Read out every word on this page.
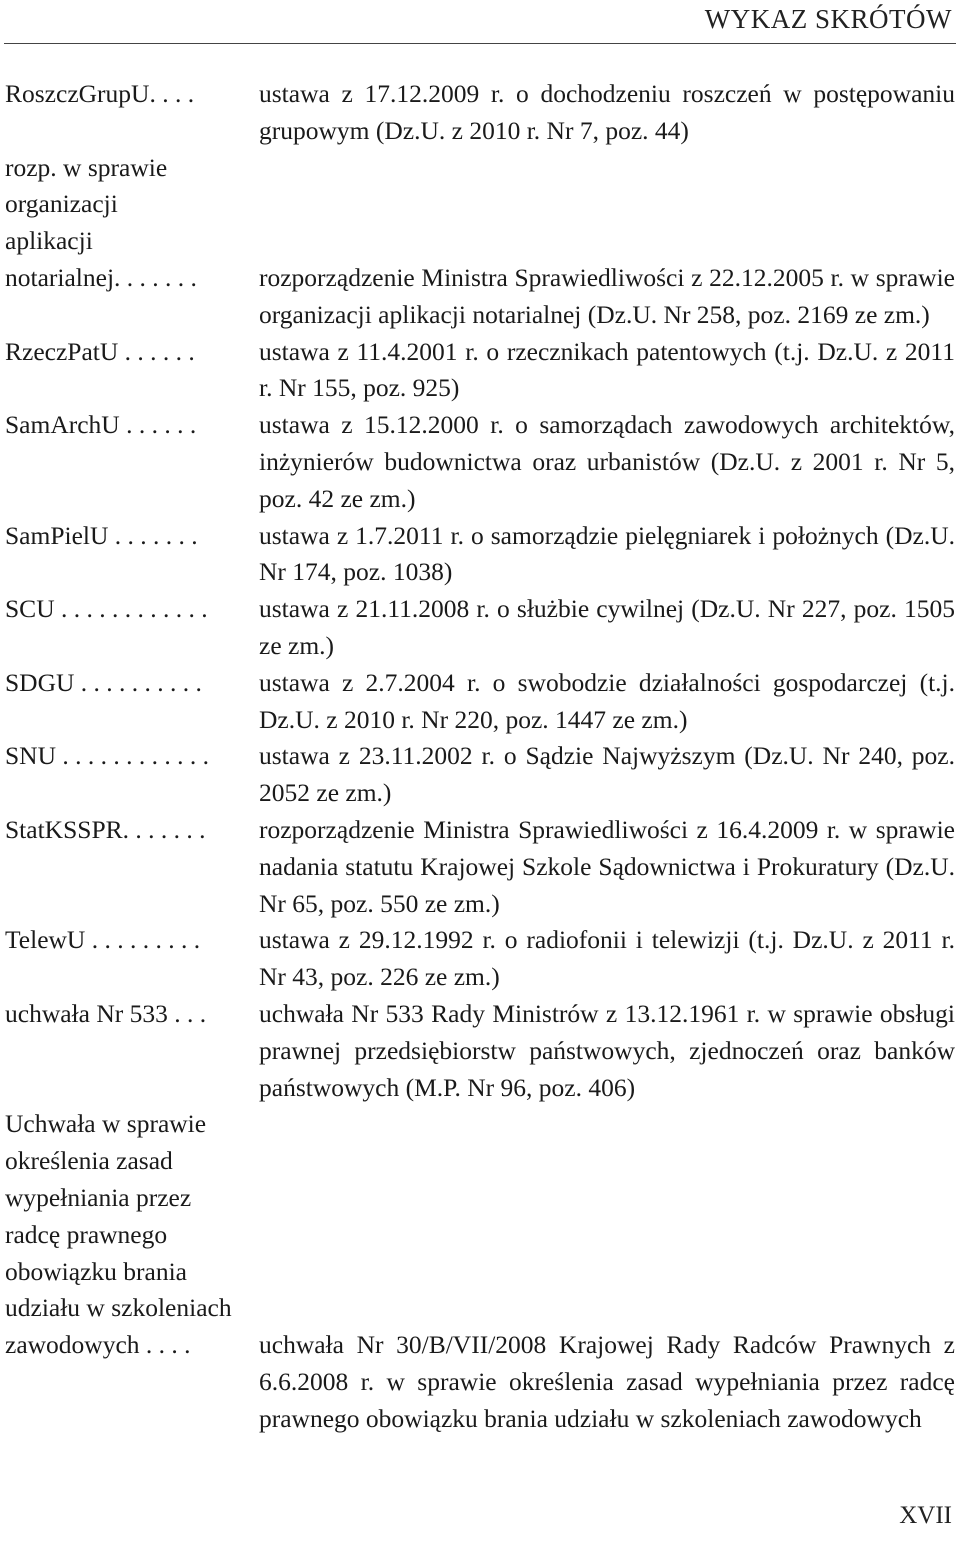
WYKAZ SKRÓTÓW
RoszczGrupU. . . .	ustawa z 17.12.2009 r. o dochodzeniu roszczeń w postępowaniu grupowym (Dz.U. z 2010 r. Nr 7, poz. 44)
rozp. w sprawie
organizacji
aplikacji
notarialnej. . . . . . .	rozporządzenie Ministra Sprawiedliwości z 22.12.2005 r. w sprawie organizacji aplikacji notarialnej (Dz.U. Nr 258, poz. 2169 ze zm.)
RzeczPatU . . . . . .	ustawa z 11.4.2001 r. o rzecznikach patentowych (t.j. Dz.U. z 2011 r. Nr 155, poz. 925)
SamArchU . . . . . .	ustawa z 15.12.2000 r. o samorządach zawodowych architektów, inżynierów budownictwa oraz urbanistów (Dz.U. z 2001 r. Nr 5, poz. 42 ze zm.)
SamPielU . . . . . . .	ustawa z 1.7.2011 r. o samorządzie pielęgniarek i położnych (Dz.U. Nr 174, poz. 1038)
SCU . . . . . . . . . . . .	ustawa z 21.11.2008 r. o służbie cywilnej (Dz.U. Nr 227, poz. 1505 ze zm.)
SDGU . . . . . . . . . .	ustawa z 2.7.2004 r. o swobodzie działalności gospodarczej (t.j. Dz.U. z 2010 r. Nr 220, poz. 1447 ze zm.)
SNU . . . . . . . . . . . .	ustawa z 23.11.2002 r. o Sądzie Najwyższym (Dz.U. Nr 240, poz. 2052 ze zm.)
StatKSSPR. . . . . . .	rozporządzenie Ministra Sprawiedliwości z 16.4.2009 r. w sprawie nadania statutu Krajowej Szkole Sądownictwa i Prokuratury (Dz.U. Nr 65, poz. 550 ze zm.)
TelewU . . . . . . . . .	ustawa z 29.12.1992 r. o radiofonii i telewizji (t.j. Dz.U. z 2011 r. Nr 43, poz. 226 ze zm.)
uchwała Nr 533 . . .	uchwała Nr 533 Rady Ministrów z 13.12.1961 r. w sprawie obsługi prawnej przedsiębiorstw państwowych, zjednoczeń oraz banków państwowych (M.P. Nr 96, poz. 406)
Uchwała w sprawie
określenia zasad
wypełniania przez
radcę prawnego
obowiązku brania
udziału w szkoleniach
zawodowych . . . .	uchwała Nr 30/B/VII/2008 Krajowej Rady Radców Prawnych z 6.6.2008 r. w sprawie określenia zasad wypełniania przez radcę prawnego obowiązku brania udziału w szkoleniach zawodowych
XVII
